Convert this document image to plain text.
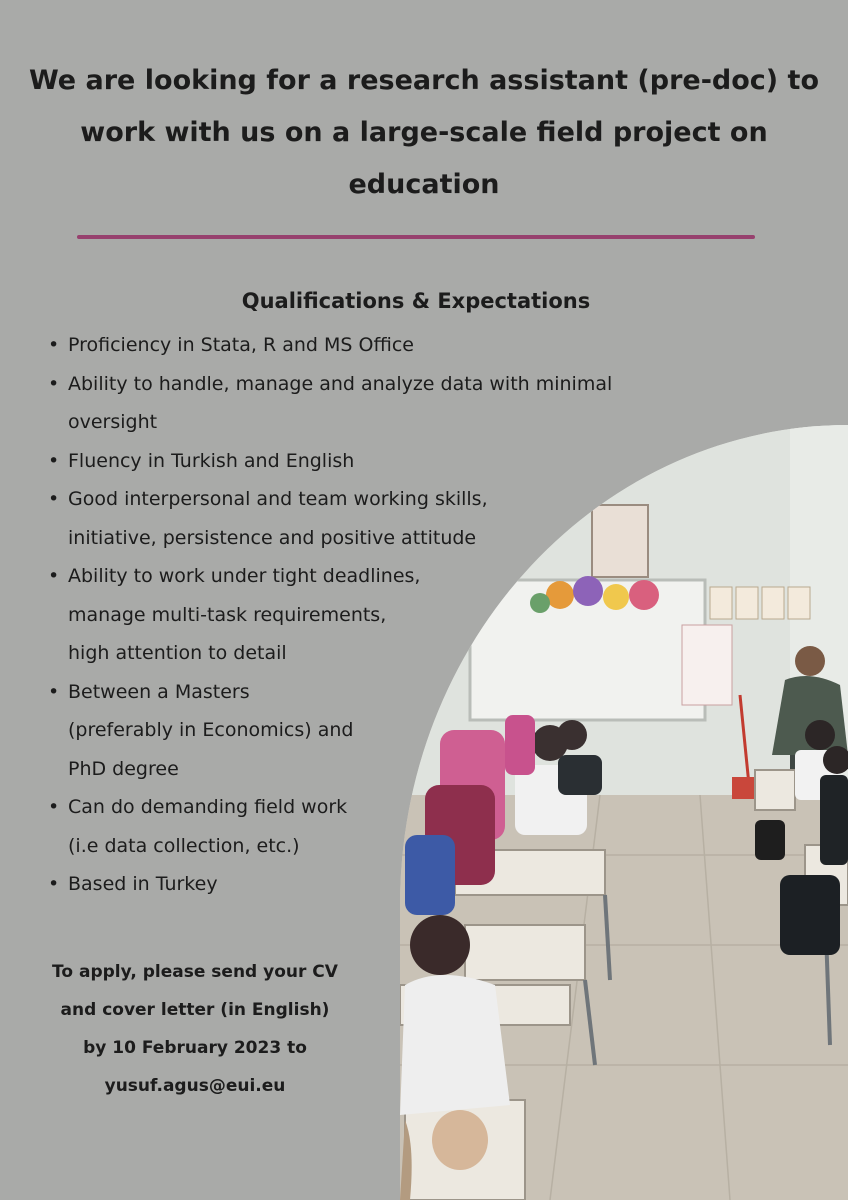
We are looking for a research assistant (pre-doc) to work with us on a large-scale field project on education
Qualifications & Expectations
• Proficiency in Stata, R and MS Office
• Ability to handle, manage and analyze data with minimal
oversight
• Fluency in Turkish and English
• Good interpersonal and team working skills,
initiative, persistence and positive attitude
• Ability to work under tight deadlines,
manage multi-task requirements,
high attention to detail
• Between a Masters
(preferably in Economics) and
PhD degree
• Can do demanding field work
(i.e data collection, etc.)
• Based in Turkey
To apply, please send your CV
and cover letter (in English)
by 10 February 2023 to
yusuf.agus@eui.eu
